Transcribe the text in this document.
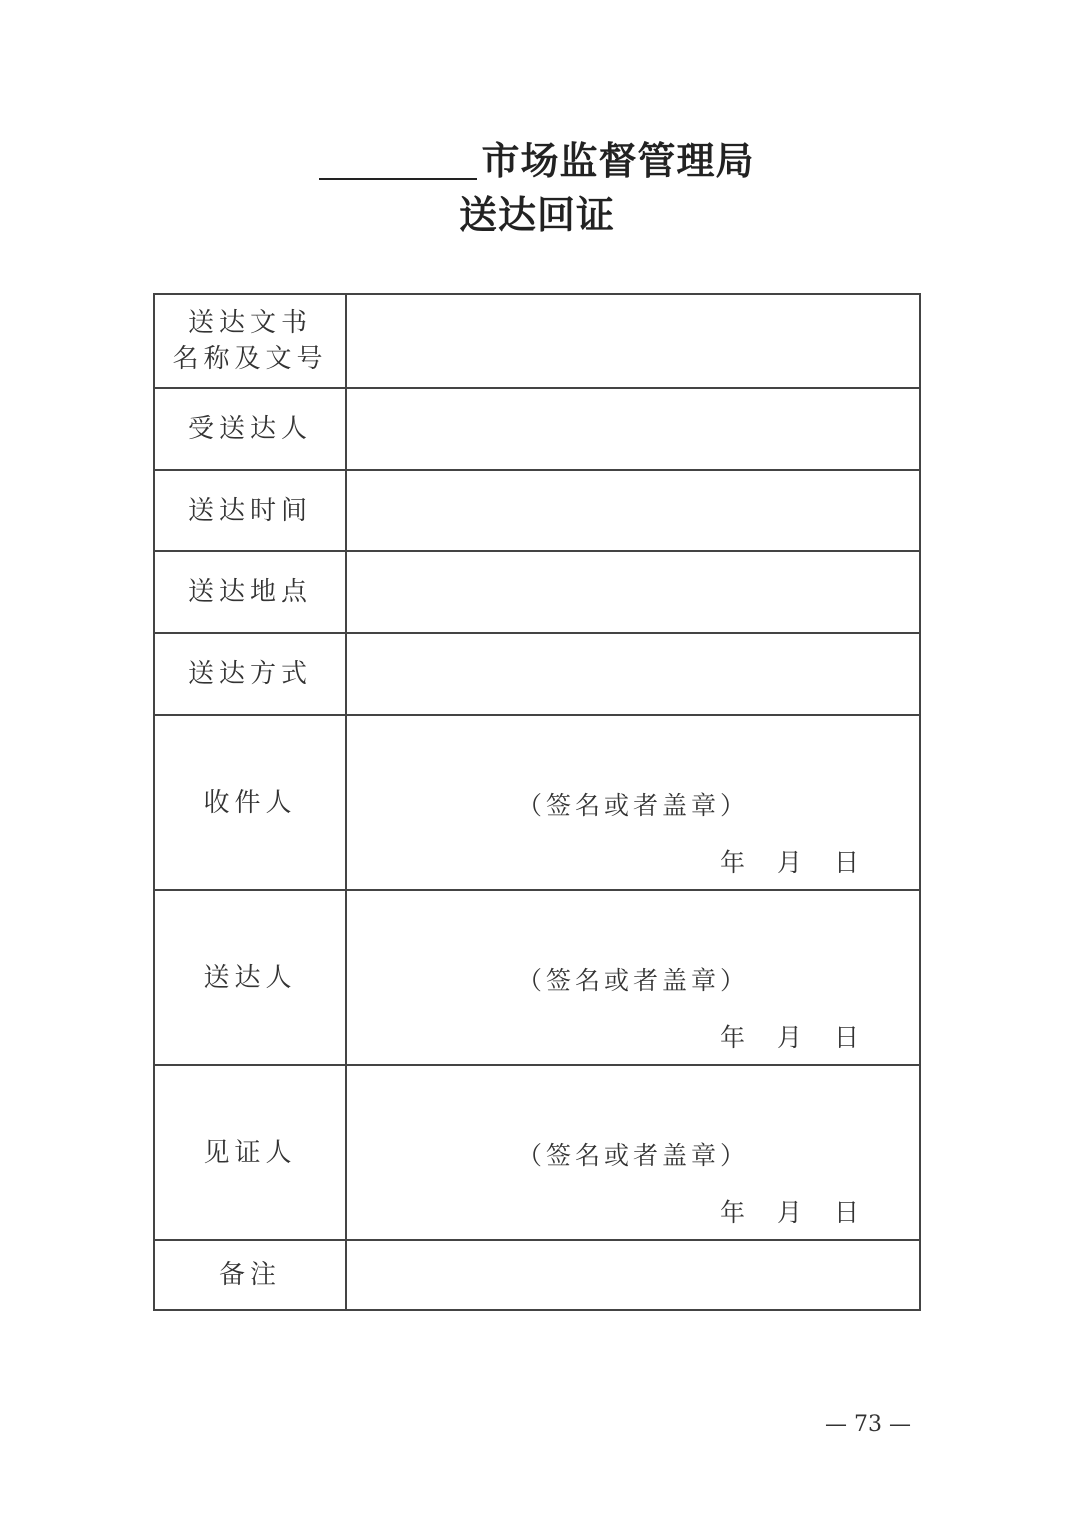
市场监督管理局
送达回证
送达文书
名称及文号	

受送达人	
送达时间	
送达地点	
送达方式	
收件人	（签名或者盖章）
年 月 日

送达人	（签名或者盖章）
年 月 日

见证人	（签名或者盖章）
年 月 日

备注	
— 73 —
